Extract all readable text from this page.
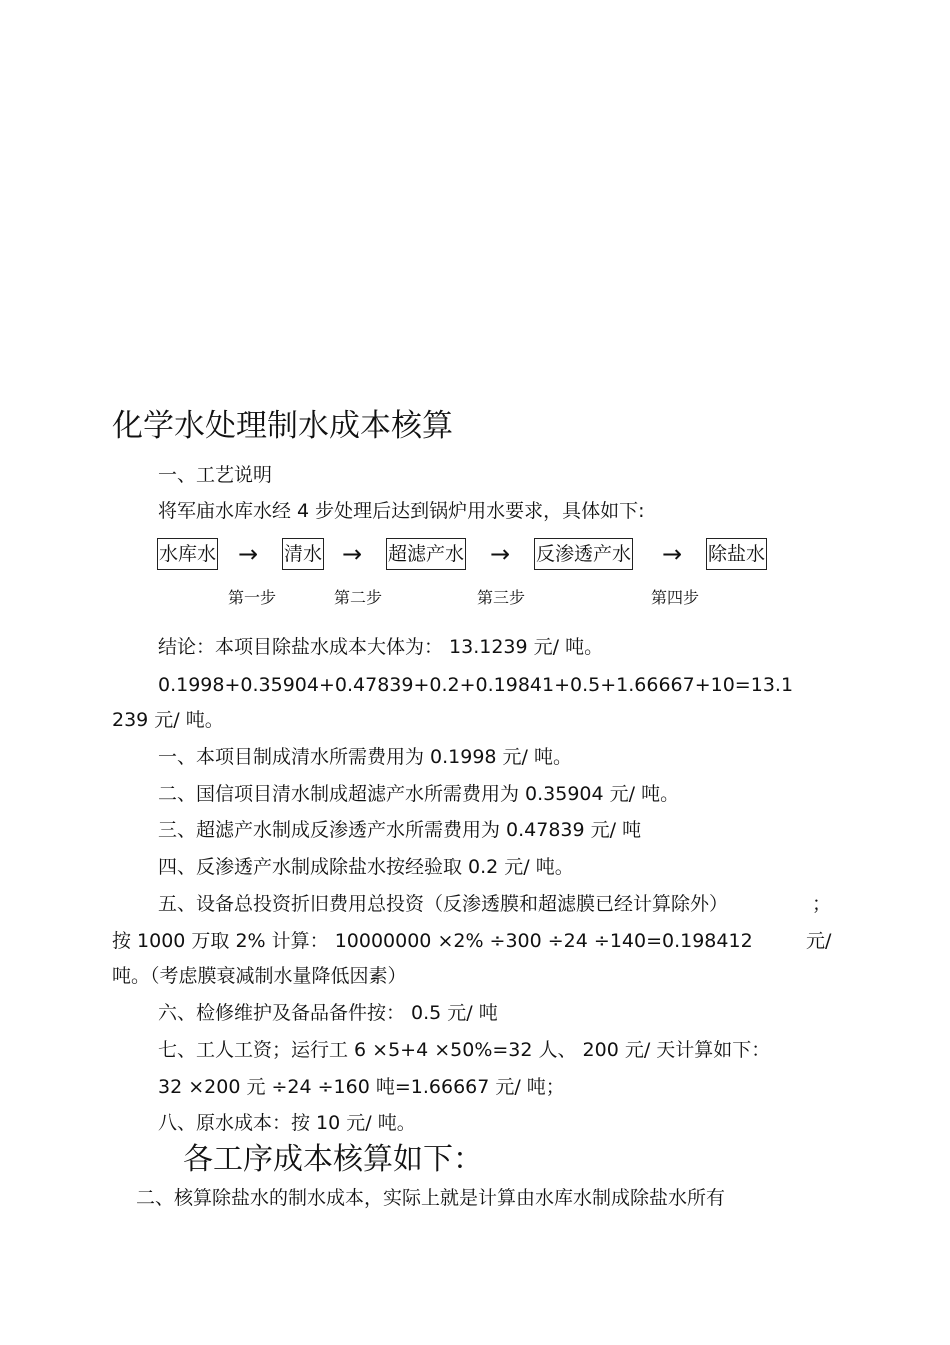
化学水处理制水成本核算
一、工艺说明
将军庙水库水经 4 步处理后达到锅炉用水要求，具体如下:
水库水 → 清水 → 超滤产水 → 反渗透产水 → 除盐水
第一步	第二步	第三步	第四步
结论：本项目除盐水成本大体为： 13.1239 元/ 吨。
0.1998+0.35904+0.47839+0.2+0.19841+0.5+1.66667+10=13.1
239 元/ 吨。
一、本项目制成清水所需费用为 0.1998 元/ 吨。
二、国信项目清水制成超滤产水所需费用为 0.35904 元/ 吨。
三、超滤产水制成反渗透产水所需费用为 0.47839 元/ 吨
四、反渗透产水制成除盐水按经验取 0.2 元/ 吨。
五、设备总投资折旧费用总投资（反渗透膜和超滤膜已经计算除外）	；
按 1000 万取 2% 计算： 10000000 ×2% ÷300 ÷24 ÷140=0.198412	元/
吨。（考虑膜衰减制水量降低因素）
六、检修维护及备品备件按： 0.5 元/ 吨
七、工人工资；运行工 6 ×5+4 ×50%=32 人、 200 元/ 天计算如下：
32 ×200 元 ÷24 ÷160 吨=1.66667 元/ 吨；
八、原水成本：按 10 元/ 吨。
各工序成本核算如下：
二、核算除盐水的制水成本，实际上就是计算由水库水制成除盐水所有
